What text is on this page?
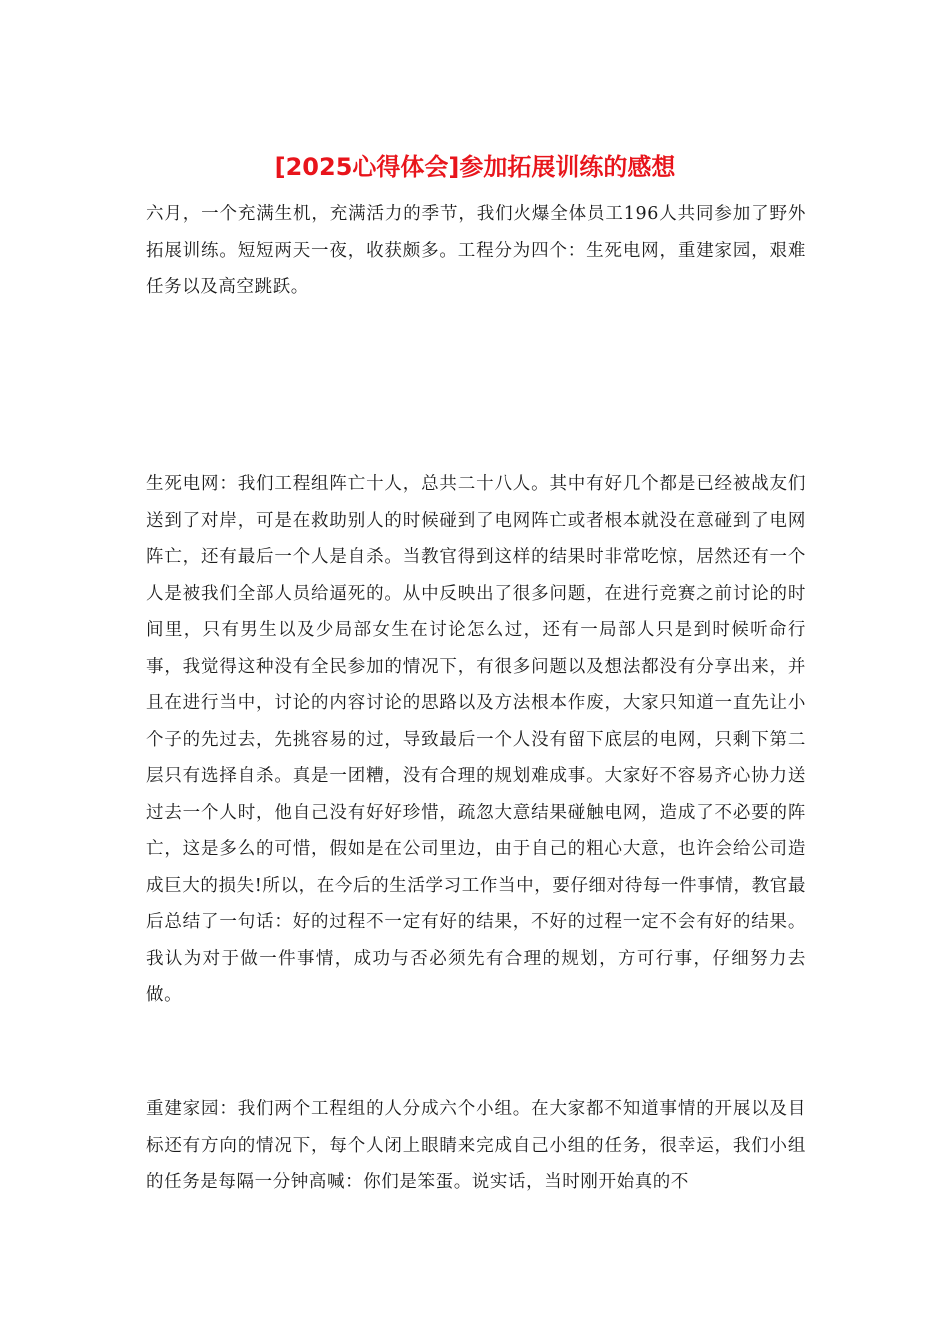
[2025心得体会]参加拓展训练的感想

六月，一个充满生机，充满活力的季节，我们火爆全体员工196人共同参加了野外拓展训练。短短两天一夜，收获颇多。工程分为四个：生死电网，重建家园，艰难任务以及高空跳跃。

生死电网：我们工程组阵亡十人，总共二十八人。其中有好几个都是已经被战友们送到了对岸，可是在救助别人的时候碰到了电网阵亡或者根本就没在意碰到了电网阵亡，还有最后一个人是自杀。当教官得到这样的结果时非常吃惊，居然还有一个人是被我们全部人员给逼死的。从中反映出了很多问题，在进行竞赛之前讨论的时间里，只有男生以及少局部女生在讨论怎么过，还有一局部人只是到时候听命行事，我觉得这种没有全民参加的情况下，有很多问题以及想法都没有分享出来，并且在进行当中，讨论的内容讨论的思路以及方法根本作废，大家只知道一直先让小个子的先过去，先挑容易的过，导致最后一个人没有留下底层的电网，只剩下第二层只有选择自杀。真是一团糟，没有合理的规划难成事。大家好不容易齐心协力送过去一个人时，他自己没有好好珍惜，疏忽大意结果碰触电网，造成了不必要的阵亡，这是多么的可惜，假如是在公司里边，由于自己的粗心大意，也许会给公司造成巨大的损失!所以，在今后的生活学习工作当中，要仔细对待每一件事情，教官最后总结了一句话：好的过程不一定有好的结果，不好的过程一定不会有好的结果。我认为对于做一件事情，成功与否必须先有合理的规划，方可行事，仔细努力去做。

重建家园：我们两个工程组的人分成六个小组。在大家都不知道事情的开展以及目标还有方向的情况下，每个人闭上眼睛来完成自己小组的任务，很幸运，我们小组的任务是每隔一分钟高喊：你们是笨蛋。说实话，当时刚开始真的不
